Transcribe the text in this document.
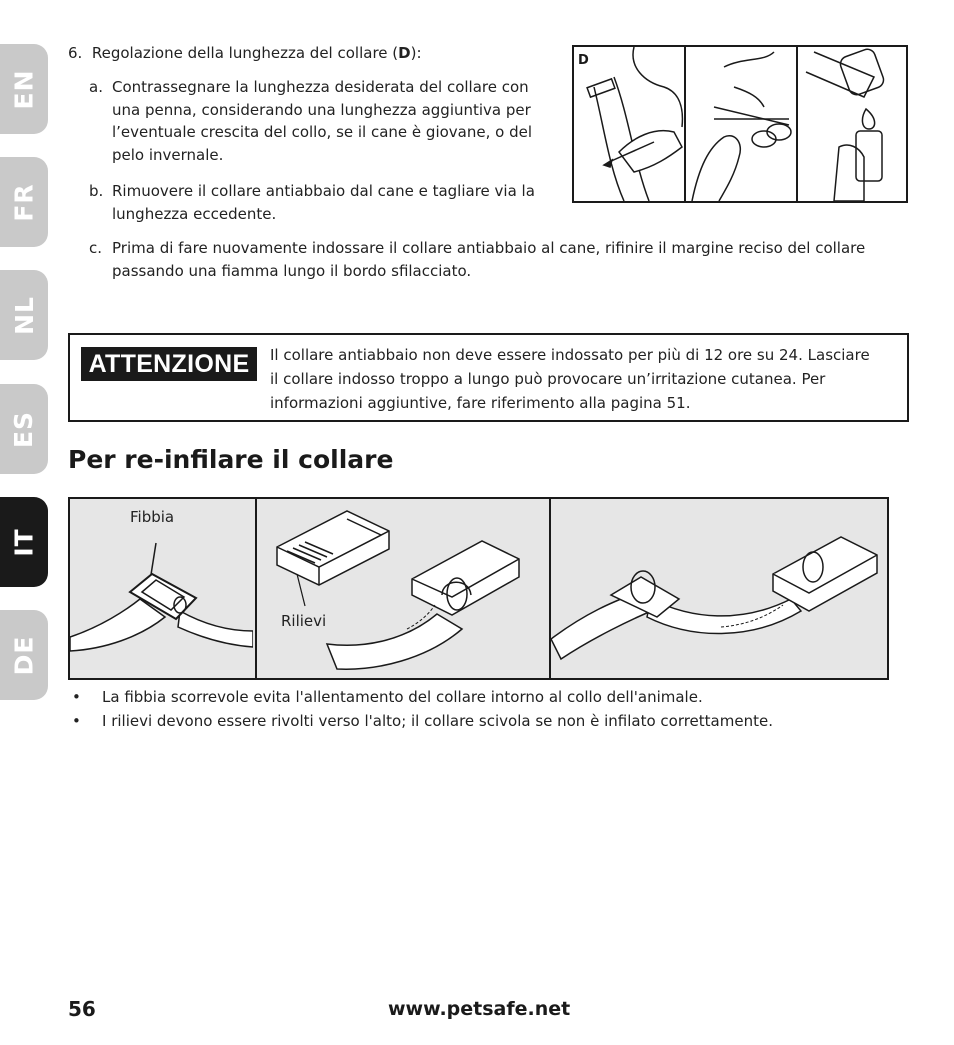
EN
FR
NL
ES
IT
DE
6. Regolazione della lunghezza del collare (D):
a. Contrassegnare la lunghezza desiderata del collare con
una penna, considerando una lunghezza aggiuntiva per
l’eventuale crescita del collo, se il cane è giovane, o del
pelo invernale.
b. Rimuovere il collare antiabbaio dal cane e tagliare via la
lunghezza eccedente.
c. Prima di fare nuovamente indossare il collare antiabbaio al cane, rifinire il margine reciso del collare
passando una fiamma lungo il bordo sfilacciato.
D
ATTENZIONE	Il collare antiabbaio non deve essere indossato per più di 12 ore su 24. Lasciare
il collare indosso troppo a lungo può provocare un’irritazione cutanea. Per
informazioni aggiuntive, fare riferimento alla pagina 51.
Per re-infilare il collare
Fibbia
Rilievi
• La fibbia scorrevole evita l'allentamento del collare intorno al collo dell'animale.
• I rilievi devono essere rivolti verso l'alto; il collare scivola se non è infilato correttamente.
56	www.petsafe.net
